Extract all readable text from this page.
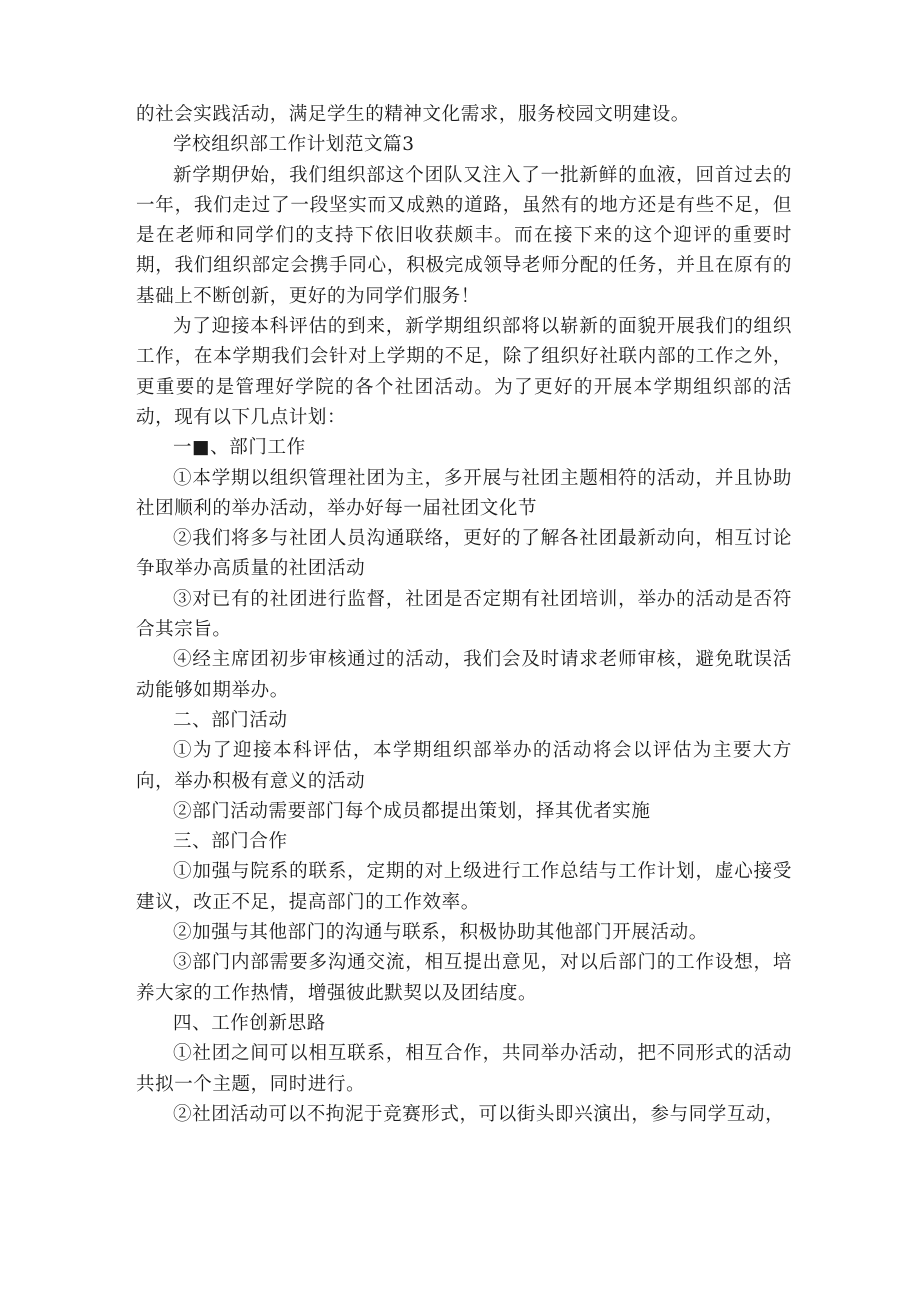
的社会实践活动，满足学生的精神文化需求，服务校园文明建设。

学校组织部工作计划范文篇3

新学期伊始，我们组织部这个团队又注入了一批新鲜的血液，回首过去的一年，我们走过了一段坚实而又成熟的道路，虽然有的地方还是有些不足，但是在老师和同学们的支持下依旧收获颇丰。而在接下来的这个迎评的重要时期，我们组织部定会携手同心，积极完成领导老师分配的任务，并且在原有的基础上不断创新，更好的为同学们服务！

为了迎接本科评估的到来，新学期组织部将以崭新的面貌开展我们的组织工作，在本学期我们会针对上学期的不足，除了组织好社联内部的工作之外，更重要的是管理好学院的各个社团活动。为了更好的开展本学期组织部的活动，现有以下几点计划：

一■、部门工作

①本学期以组织管理社团为主，多开展与社团主题相符的活动，并且协助社团顺利的举办活动，举办好每一届社团文化节

②我们将多与社团人员沟通联络，更好的了解各社团最新动向，相互讨论争取举办高质量的社团活动

③对已有的社团进行监督，社团是否定期有社团培训，举办的活动是否符合其宗旨。

④经主席团初步审核通过的活动，我们会及时请求老师审核，避免耽误活动能够如期举办。

二、部门活动

①为了迎接本科评估，本学期组织部举办的活动将会以评估为主要大方向，举办积极有意义的活动

②部门活动需要部门每个成员都提出策划，择其优者实施

三、部门合作

①加强与院系的联系，定期的对上级进行工作总结与工作计划，虚心接受建议，改正不足，提高部门的工作效率。

②加强与其他部门的沟通与联系，积极协助其他部门开展活动。

③部门内部需要多沟通交流，相互提出意见，对以后部门的工作设想，培养大家的工作热情，增强彼此默契以及团结度。

四、工作创新思路

①社团之间可以相互联系，相互合作，共同举办活动，把不同形式的活动共拟一个主题，同时进行。

②社团活动可以不拘泥于竞赛形式，可以街头即兴演出，参与同学互动，
